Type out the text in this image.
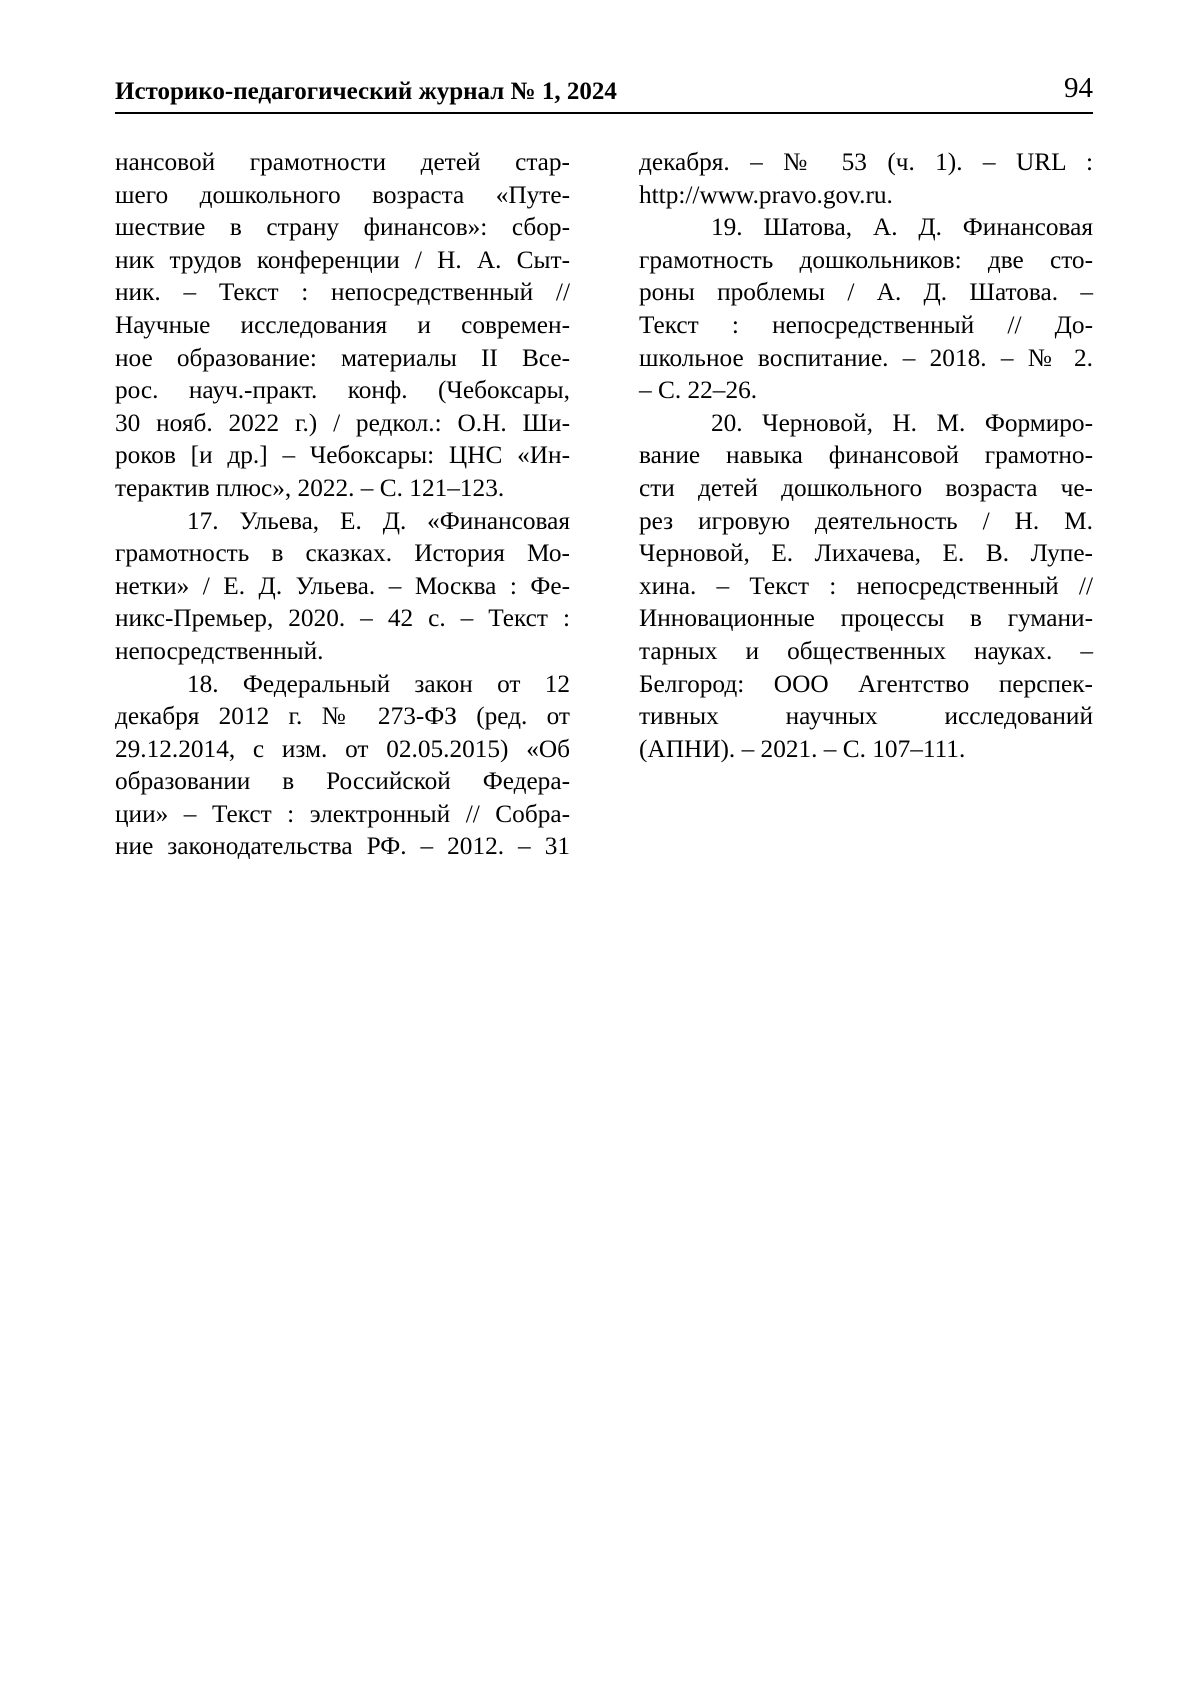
Историко-педагогический журнал № 1, 2024	94
нансовой грамотности детей стар-
шего дошкольного возраста «Путе-
шествие в страну финансов»: сбор-
ник трудов конференции / Н. А. Сыт-
ник. – Текст : непосредственный //
Научные исследования и современ-
ное образование: материалы II Все-
рос. науч.-практ. конф. (Чебоксары,
30 нояб. 2022 г.) / редкол.: О.Н. Ши-
роков [и др.] – Чебоксары: ЦНС «Ин-
терактив плюс», 2022. – С. 121–123.
17. Ульева, Е. Д. «Финансовая
грамотность в сказках. История Мо-
нетки» / Е. Д. Ульева. – Москва : Фе-
никс-Премьер, 2020. – 42 с. – Текст :
непосредственный.
18. Федеральный закон от 12
декабря 2012 г. № 273-ФЗ (ред. от
29.12.2014, с изм. от 02.05.2015) «Об
образовании в Российской Федера-
ции» – Текст : электронный // Собра-
ние законодательства РФ. – 2012. – 31
декабря. – № 53 (ч. 1). – URL :
http://www.pravo.gov.ru.
19. Шатова, А. Д. Финансовая
грамотность дошкольников: две сто-
роны проблемы / А. Д. Шатова. –
Текст : непосредственный // До-
школьное воспитание. – 2018. – № 2.
– С. 22–26.
20. Черновой, Н. М. Формиро-
вание навыка финансовой грамотно-
сти детей дошкольного возраста че-
рез игровую деятельность / Н. М.
Черновой, Е. Лихачева, Е. В. Лупе-
хина. – Текст : непосредственный //
Инновационные процессы в гумани-
тарных и общественных науках. –
Белгород: ООО Агентство перспек-
тивных научных исследований
(АПНИ). – 2021. – С. 107–111.
